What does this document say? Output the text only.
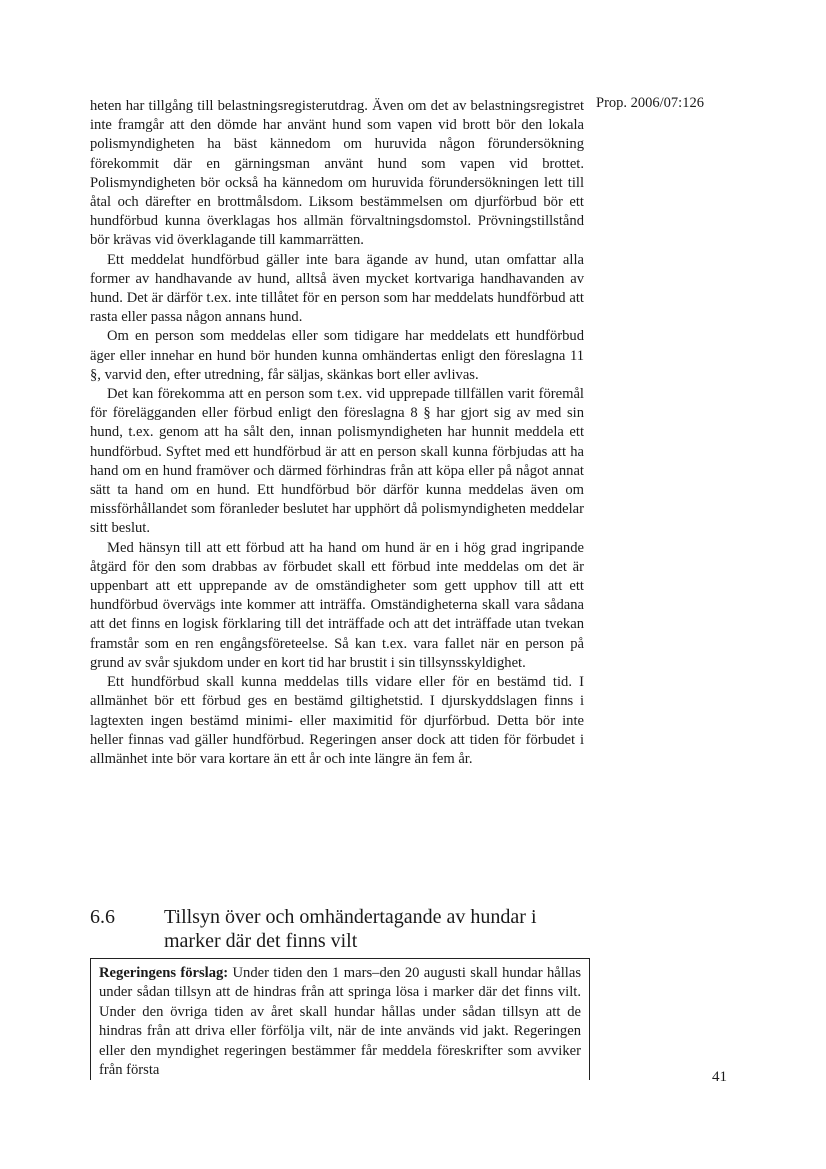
Prop. 2006/07:126

heten har tillgång till belastningsregisterutdrag. Även om det av belastningsregistret inte framgår att den dömde har använt hund som vapen vid brott bör den lokala polismyndigheten ha bäst kännedom om huruvida någon förundersökning förekommit där en gärningsman använt hund som vapen vid brottet. Polismyndigheten bör också ha kännedom om huruvida förundersökningen lett till åtal och därefter en brottmålsdom. Liksom bestämmelsen om djurförbud bör ett hundförbud kunna överklagas hos allmän förvaltningsdomstol. Prövningstillstånd bör krävas vid överklagande till kammarrätten.

Ett meddelat hundförbud gäller inte bara ägande av hund, utan omfattar alla former av handhavande av hund, alltså även mycket kortvariga handhavanden av hund. Det är därför t.ex. inte tillåtet för en person som har meddelats hundförbud att rasta eller passa någon annans hund.

Om en person som meddelas eller som tidigare har meddelats ett hundförbud äger eller innehar en hund bör hunden kunna omhändertas enligt den föreslagna 11 §, varvid den, efter utredning, får säljas, skänkas bort eller avlivas.

Det kan förekomma att en person som t.ex. vid upprepade tillfällen varit föremål för förelägganden eller förbud enligt den föreslagna 8 § har gjort sig av med sin hund, t.ex. genom att ha sålt den, innan polismyndigheten har hunnit meddela ett hundförbud. Syftet med ett hundförbud är att en person skall kunna förbjudas att ha hand om en hund framöver och därmed förhindras från att köpa eller på något annat sätt ta hand om en hund. Ett hundförbud bör därför kunna meddelas även om missförhållandet som föranleder beslutet har upphört då polismyndigheten meddelar sitt beslut.

Med hänsyn till att ett förbud att ha hand om hund är en i hög grad ingripande åtgärd för den som drabbas av förbudet skall ett förbud inte meddelas om det är uppenbart att ett upprepande av de omständigheter som gett upphov till att ett hundförbud övervägs inte kommer att inträffa. Omständigheterna skall vara sådana att det finns en logisk förklaring till det inträffade och att det inträffade utan tvekan framstår som en ren engångsföreteelse. Så kan t.ex. vara fallet när en person på grund av svår sjukdom under en kort tid har brustit i sin tillsynsskyldighet.

Ett hundförbud skall kunna meddelas tills vidare eller för en bestämd tid. I allmänhet bör ett förbud ges en bestämd giltighetstid. I djurskyddslagen finns i lagtexten ingen bestämd minimi- eller maximitid för djurförbud. Detta bör inte heller finnas vad gäller hundförbud. Regeringen anser dock att tiden för förbudet i allmänhet inte bör vara kortare än ett år och inte längre än fem år.

6.6 Tillsyn över och omhändertagande av hundar i marker där det finns vilt
Regeringens förslag: Under tiden den 1 mars–den 20 augusti skall hundar hållas under sådan tillsyn att de hindras från att springa lösa i marker där det finns vilt. Under den övriga tiden av året skall hundar hållas under sådan tillsyn att de hindras från att driva eller förfölja vilt, när de inte används vid jakt. Regeringen eller den myndighet regeringen bestämmer får meddela föreskrifter som avviker från första	41
